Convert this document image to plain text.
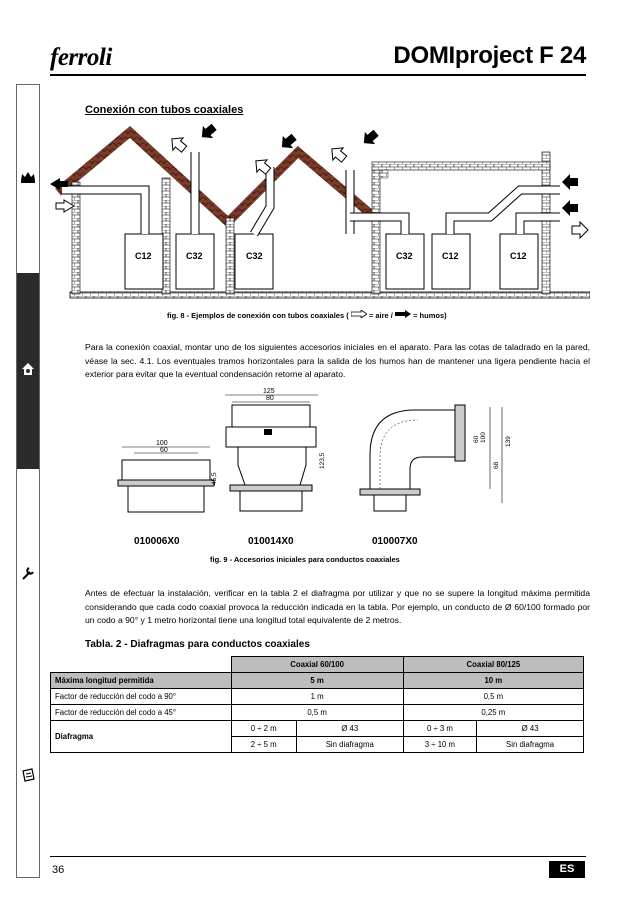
ferroli	DOMIproject F 24
Conexión con tubos coaxiales
C12	C32	C32	C32	C12	C12
fig. 8 - Ejemplos de conexión con tubos coaxiales (	= aire /	= humos)
Para la conexión coaxial, montar uno de los siguientes accesorios iniciales en el aparato. Para las cotas de taladrado en la pared, véase la sec. 4.1. Los eventuales tramos horizontales para la salida de los humos han de mantener una ligera pendiente hacia el exterior para evitar que la eventual condensación retorne al aparato.
100
60
45,5
125
80
123,5
60 100
68
139
010006X0	010014X0	010007X0
fig. 9 - Accesorios iniciales para conductos coaxiales
Antes de efectuar la instalación, verificar en la tabla 2 el diafragma por utilizar y que no se supere la longitud máxima permitida considerando que cada codo coaxial provoca la reducción indicada en la tabla. Por ejemplo, un conducto de Ø 60/100 formado por un codo a 90° y 1 metro horizontal tiene una longitud total equivalente de 2 metros.
Tabla. 2 - Diafragmas para conductos coaxiales
	Coaxial 60/100		Coaxial 80/125	
Máxima longitud permitida	5 m		10 m	
Factor de reducción del codo a 90°	1 m		0,5 m	
Factor de reducción del codo a 45°	0,5 m		0,25 m	
Diafragma	0 ÷ 2 m	Ø 43	0 ÷ 3 m	Ø 43
	2 ÷ 5 m	Sin diafragma	3 ÷ 10 m	Sin diafragma
36	ES
